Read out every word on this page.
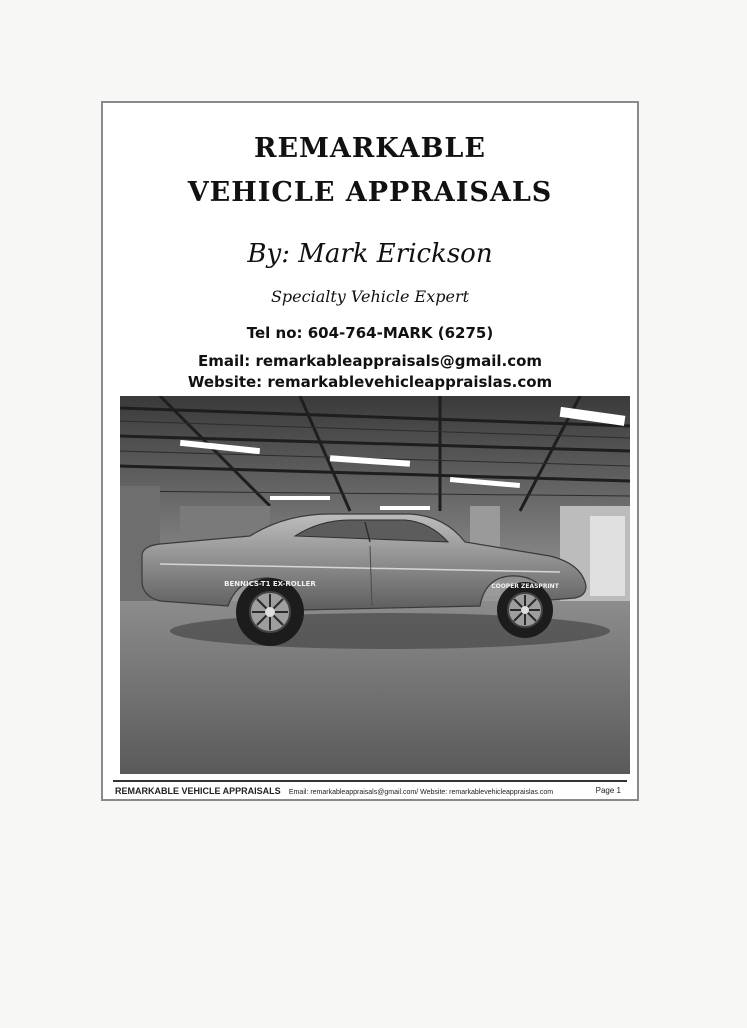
REMARKABLE
VEHICLE APPRAISALS
By: Mark Erickson
Specialty Vehicle Expert
Tel no: 604-764-MARK (6275)
Email: remarkableappraisals@gmail.com
Website: remarkablevehicleappraislas.com
BENNICS-T1 EX-ROLLER	COOPER ZEASPRINT
REMARKABLE VEHICLE APPRAISALS Email: remarkableappraisals@gmail.com/ Website: remarkablevehicleappraislas.com	Page 1
